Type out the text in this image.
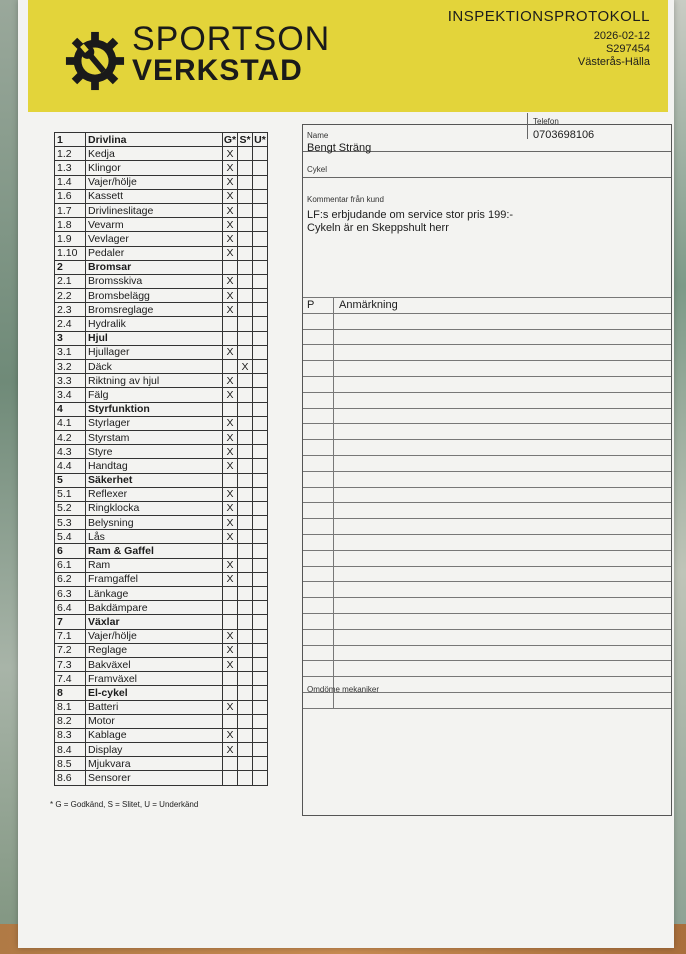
SPORTSON
VERKSTAD
INSPEKTIONSPROTOKOLL
2026-02-12
S297454
Västerås-Hälla
1	Drivlina	G*	S*	U*
1.2	Kedja	X		
1.3	Klingor	X		
1.4	Vajer/hölje	X		
1.6	Kassett	X		
1.7	Drivlineslitage	X		
1.8	Vevarm	X		
1.9	Vevlager	X		
1.10	Pedaler	X		
2	Bromsar			
2.1	Bromsskiva	X		
2.2	Bromsbelägg	X		
2.3	Bromsreglage	X		
2.4	Hydralik			
3	Hjul			
3.1	Hjullager	X		
3.2	Däck		X	
3.3	Riktning av hjul	X		
3.4	Fälg	X		
4	Styrfunktion			
4.1	Styrlager	X		
4.2	Styrstam	X		
4.3	Styre	X		
4.4	Handtag	X		
5	Säkerhet			
5.1	Reflexer	X		
5.2	Ringklocka	X		
5.3	Belysning	X		
5.4	Lås	X		
6	Ram & Gaffel			
6.1	Ram	X		
6.2	Framgaffel	X		
6.3	Länkage			
6.4	Bakdämpare			
7	Växlar			
7.1	Vajer/hölje	X		
7.2	Reglage	X		
7.3	Bakväxel	X		
7.4	Framväxel			
8	El-cykel			
8.1	Batteri	X		
8.2	Motor			
8.3	Kablage	X		
8.4	Display	X		
8.5	Mjukvara			
8.6	Sensorer			
* G = Godkänd, S = Slitet, U = Underkänd
Name
Bengt Sträng
Telefon
0703698106
Cykel
Kommentar från kund
LF:s erbjudande om service stor pris 199:-
Cykeln är en Skeppshult herr
P Anmärkning
Omdöme mekaniker
